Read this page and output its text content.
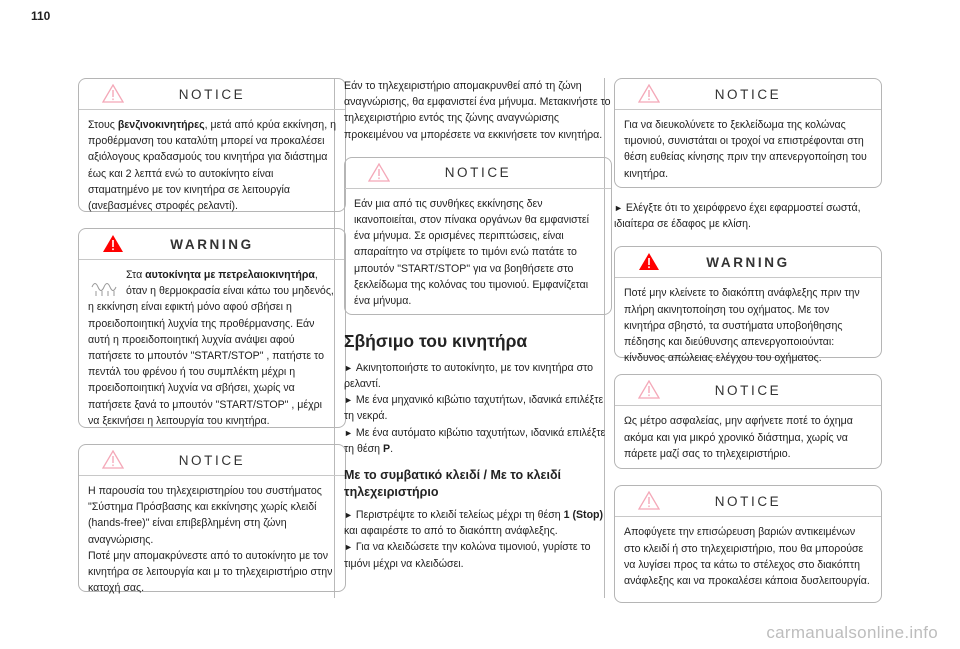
110
NOTICE

Στους βενζινοκινητήρες, μετά από κρύα εκκίνηση, η προθέρμανση του καταλύτη μπορεί να προκαλέσει αξιόλογους κραδασμούς του κινητήρα για διάστημα έως και 2 λεπτά ενώ το αυτοκίνητο είναι σταματημένο με τον κινητήρα σε λειτουργία (ανεβασμένες στροφές ρελαντί).

WARNING

Στα αυτοκίνητα με πετρελαιοκινητήρα, όταν η θερμοκρασία είναι κάτω του μηδενός, η εκκίνηση είναι εφικτή μόνο αφού σβήσει η προειδοποιητική λυχνία της προθέρμανσης. Εάν αυτή η προειδοποιητική λυχνία ανάψει αφού πατήσετε το μπουτόν "START/STOP" , πατήστε το πεντάλ του φρένου ή του συμπλέκτη μέχρι η προειδοποιητική λυχνία να σβήσει, χωρίς να πατήσετε ξανά το μπουτόν "START/STOP" , μέχρι να ξεκινήσει η λειτουργία του κινητήρα.

NOTICE

Η παρουσία του τηλεχειριστηρίου του συστήματος "Σύστημα Πρόσβασης και εκκίνησης χωρίς κλειδί (hands-free)" είναι επιβεβλημένη στη ζώνη αναγνώρισης.

Ποτέ μην απομακρύνεστε από το αυτοκίνητο με τον κινητήρα σε λειτουργία και μ το τηλεχειριστήριο στην κατοχή σας.

Εάν το τηλεχειριστήριο απομακρυνθεί από τη ζώνη αναγνώρισης, θα εμφανιστεί ένα μήνυμα. Μετακινήστε το τηλεχειριστήριο εντός της ζώνης αναγνώρισης προκειμένου να μπορέσετε να εκκινήσετε τον κινητήρα.

NOTICE

Εάν μια από τις συνθήκες εκκίνησης δεν ικανοποιείται, στον πίνακα οργάνων θα εμφανιστεί ένα μήνυμα. Σε ορισμένες περιπτώσεις, είναι απαραίτητο να στρίψετε το τιμόνι ενώ πατάτε το μπουτόν "START/STOP" για να βοηθήσετε στο ξεκλείδωμα της κολόνας του τιμονιού. Εμφανίζεται ένα μήνυμα.

Σβήσιμο του κινητήρα

► Ακινητοποιήστε το αυτοκίνητο, με τον κινητήρα στο ρελαντί.

► Με ένα μηχανικό κιβώτιο ταχυτήτων, ιδανικά επιλέξτε τη νεκρά.

► Με ένα αυτόματο κιβώτιο ταχυτήτων, ιδανικά επιλέξτε τη θέση P.

Με το συμβατικό κλειδί / Με το κλειδί τηλεχειριστήριο

► Περιστρέψτε το κλειδί τελείως μέχρι τη θέση 1 (Stop) και αφαιρέστε το από το διακόπτη ανάφλεξης.

► Για να κλειδώσετε την κολώνα τιμονιού, γυρίστε το τιμόνι μέχρι να κλειδώσει.

NOTICE

Για να διευκολύνετε το ξεκλείδωμα της κολώνας τιμονιού, συνιστάται οι τροχοί να επιστρέφονται στη θέση ευθείας κίνησης πριν την απενεργοποίηση του κινητήρα.

► Ελέγξτε ότι το χειρόφρενο έχει εφαρμοστεί σωστά, ιδιαίτερα σε έδαφος με κλίση.

WARNING

Ποτέ μην κλείνετε το διακόπτη ανάφλεξης πριν την πλήρη ακινητοποίηση του οχήματος. Με τον κινητήρα σβηστό, τα συστήματα υποβοήθησης πέδησης και διεύθυνσης απενεργοποιούνται: κίνδυνος απώλειας ελέγχου του οχήματος.

NOTICE

Ως μέτρο ασφαλείας, μην αφήνετε ποτέ το όχημα ακόμα και για μικρό χρονικό διάστημα, χωρίς να πάρετε μαζί σας το τηλεχειριστήριο.

NOTICE

Αποφύγετε την επισώρευση βαριών αντικειμένων στο κλειδί ή στο τηλεχειριστήριο, που θα μπορούσε να λυγίσει προς τα κάτω το στέλεχος στο διακόπτη ανάφλεξης και να προκαλέσει κάποια δυσλειτουργία.

carmanualsonline.info
